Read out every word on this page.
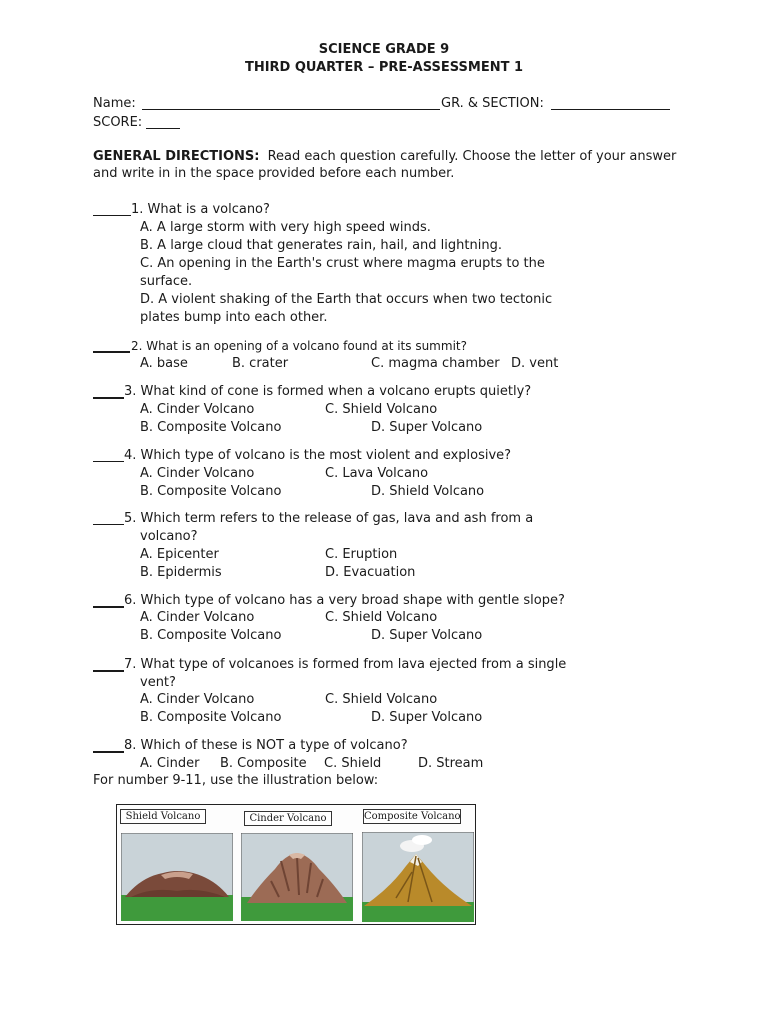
SCIENCE GRADE 9
THIRD QUARTER – PRE-ASSESSMENT 1
Name:	GR. & SECTION:
SCORE:
GENERAL DIRECTIONS: Read each question carefully. Choose the letter of your answer
and write in in the space provided before each number.
1. What is a volcano?
A. A large storm with very high speed winds.
B. A large cloud that generates rain, hail, and lightning.
C. An opening in the Earth's crust where magma erupts to the
surface.
D. A violent shaking of the Earth that occurs when two tectonic
plates bump into each other.
2. What is an opening of a volcano found at its summit?
A. base	B. crater	C. magma chamber D. vent
3. What kind of cone is formed when a volcano erupts quietly?
A. Cinder Volcano	C. Shield Volcano
B. Composite Volcano	D. Super Volcano
4. Which type of volcano is the most violent and explosive?
A. Cinder Volcano	C. Lava Volcano
B. Composite Volcano	D. Shield Volcano
5. Which term refers to the release of gas, lava and ash from a
volcano?
A. Epicenter	C. Eruption
B. Epidermis	D. Evacuation
6. Which type of volcano has a very broad shape with gentle slope?
A. Cinder Volcano	C. Shield Volcano
B. Composite Volcano	D. Super Volcano
7. What type of volcanoes is formed from lava ejected from a single
vent?
A. Cinder Volcano	C. Shield Volcano
B. Composite Volcano	D. Super Volcano
8. Which of these is NOT a type of volcano?
A. Cinder B. Composite C. Shield	D. Stream
For number 9-11, use the illustration below:
Shield Volcano	Cinder Volcano	Composite Volcano
